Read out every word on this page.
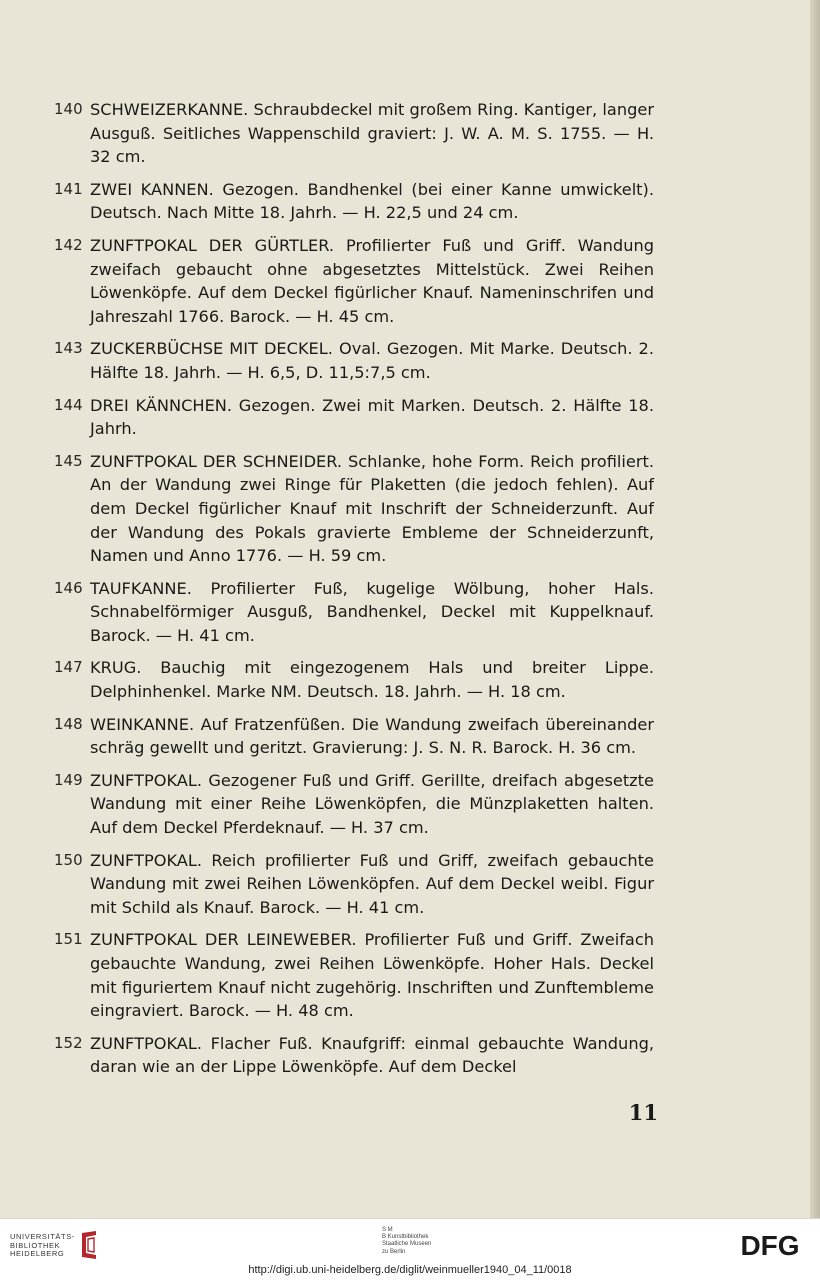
140 SCHWEIZERKANNE. Schraubdeckel mit großem Ring. Kantiger, langer Ausguß. Seitliches Wappenschild graviert: J. W. A. M. S. 1755. — H. 32 cm.
141 ZWEI KANNEN. Gezogen. Bandhenkel (bei einer Kanne umwickelt). Deutsch. Nach Mitte 18. Jahrh. — H. 22,5 und 24 cm.
142 ZUNFTPOKAL DER GÜRTLER. Profilierter Fuß und Griff. Wandung zweifach gebaucht ohne abgesetztes Mittelstück. Zwei Reihen Löwenköpfe. Auf dem Deckel figürlicher Knauf. Nameninschrifen und Jahreszahl 1766. Barock. — H. 45 cm.
143 ZUCKERBÜCHSE MIT DECKEL. Oval. Gezogen. Mit Marke. Deutsch. 2. Hälfte 18. Jahrh. — H. 6,5, D. 11,5:7,5 cm.
144 DREI KÄNNCHEN. Gezogen. Zwei mit Marken. Deutsch. 2. Hälfte 18. Jahrh.
145 ZUNFTPOKAL DER SCHNEIDER. Schlanke, hohe Form. Reich profiliert. An der Wandung zwei Ringe für Plaketten (die jedoch fehlen). Auf dem Deckel figürlicher Knauf mit Inschrift der Schneiderzunft. Auf der Wandung des Pokals gravierte Embleme der Schneiderzunft, Namen und Anno 1776. — H. 59 cm.
146 TAUFKANNE. Profilierter Fuß, kugelige Wölbung, hoher Hals. Schnabelförmiger Ausguß, Bandhenkel, Deckel mit Kuppelknauf. Barock. — H. 41 cm.
147 KRUG. Bauchig mit eingezogenem Hals und breiter Lippe. Delphinhenkel. Marke NM. Deutsch. 18. Jahrh. — H. 18 cm.
148 WEINKANNE. Auf Fratzenfüßen. Die Wandung zweifach übereinander schräg gewellt und geritzt. Gravierung: J. S. N. R. Barock. H. 36 cm.
149 ZUNFTPOKAL. Gezogener Fuß und Griff. Gerillte, dreifach abgesetzte Wandung mit einer Reihe Löwenköpfen, die Münzplaketten halten. Auf dem Deckel Pferdeknauf. — H. 37 cm.
150 ZUNFTPOKAL. Reich profilierter Fuß und Griff, zweifach gebauchte Wandung mit zwei Reihen Löwenköpfen. Auf dem Deckel weibl. Figur mit Schild als Knauf. Barock. — H. 41 cm.
151 ZUNFTPOKAL DER LEINEWEBER. Profilierter Fuß und Griff. Zweifach gebauchte Wandung, zwei Reihen Löwenköpfe. Hoher Hals. Deckel mit figuriertem Knauf nicht zugehörig. Inschriften und Zunftembleme eingraviert. Barock. — H. 48 cm.
152 ZUNFTPOKAL. Flacher Fuß. Knaufgriff: einmal gebauchte Wandung, daran wie an der Lippe Löwenköpfe. Auf dem Deckel
11
UNIVERSITÄTS-
BIBLIOTHEK
HEIDELBERG
S M
B Kunstbibliothek
Staatliche Museen
zu Berlin	DFG
http://digi.ub.uni-heidelberg.de/diglit/weinmueller1940_04_11/0018
